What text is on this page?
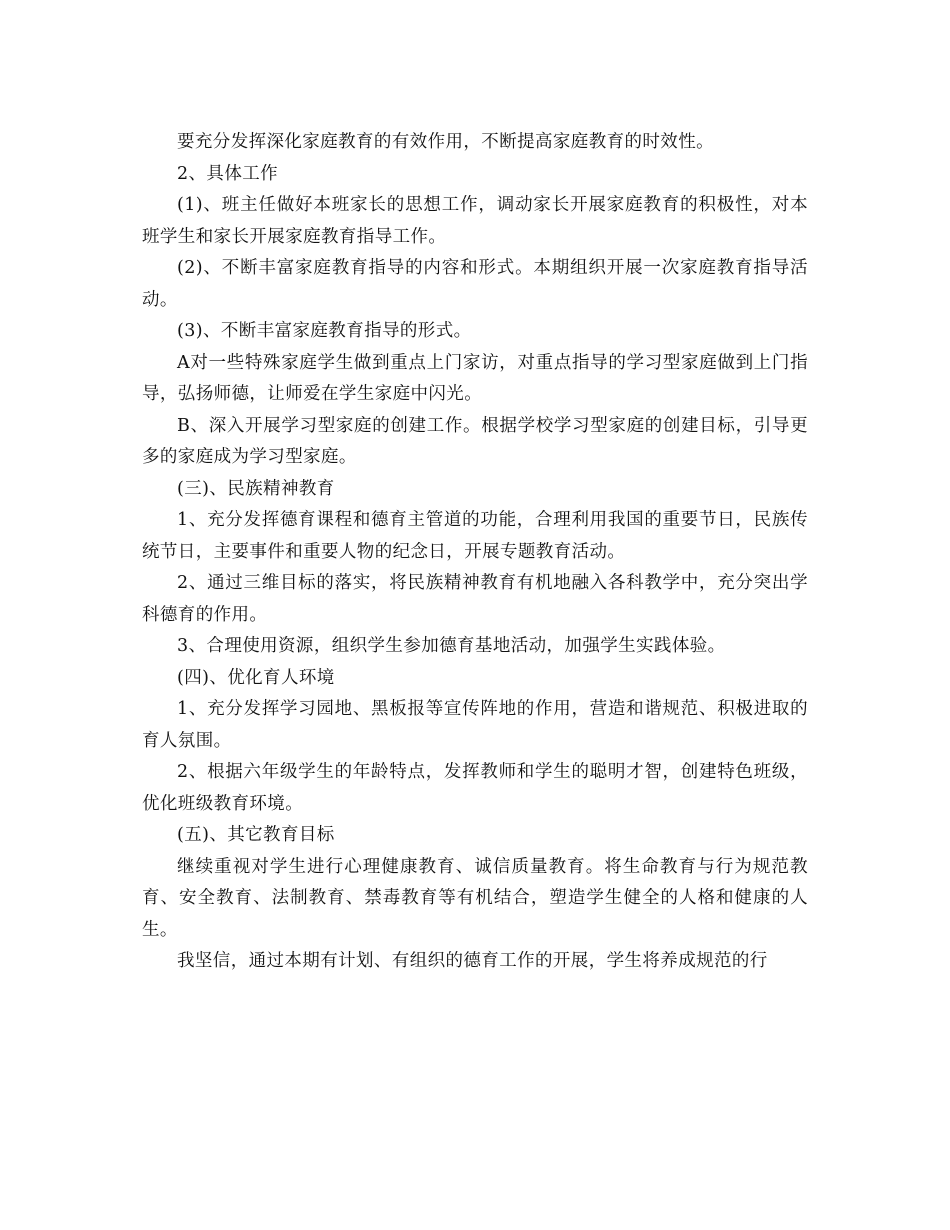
要充分发挥深化家庭教育的有效作用，不断提高家庭教育的时效性。

2、具体工作

(1)、班主任做好本班家长的思想工作，调动家长开展家庭教育的积极性，对本班学生和家长开展家庭教育指导工作。

(2)、不断丰富家庭教育指导的内容和形式。本期组织开展一次家庭教育指导活动。

(3)、不断丰富家庭教育指导的形式。

A对一些特殊家庭学生做到重点上门家访，对重点指导的学习型家庭做到上门指导，弘扬师德，让师爱在学生家庭中闪光。

B、深入开展学习型家庭的创建工作。根据学校学习型家庭的创建目标，引导更多的家庭成为学习型家庭。

(三)、民族精神教育

1、充分发挥德育课程和德育主管道的功能，合理利用我国的重要节日，民族传统节日，主要事件和重要人物的纪念日，开展专题教育活动。

2、通过三维目标的落实，将民族精神教育有机地融入各科教学中，充分突出学科德育的作用。

3、合理使用资源，组织学生参加德育基地活动，加强学生实践体验。

(四)、优化育人环境

1、充分发挥学习园地、黑板报等宣传阵地的作用，营造和谐规范、积极进取的育人氛围。

2、根据六年级学生的年龄特点，发挥教师和学生的聪明才智，创建特色班级，优化班级教育环境。

(五)、其它教育目标

继续重视对学生进行心理健康教育、诚信质量教育。将生命教育与行为规范教育、安全教育、法制教育、禁毒教育等有机结合，塑造学生健全的人格和健康的人生。

我坚信，通过本期有计划、有组织的德育工作的开展，学生将养成规范的行
